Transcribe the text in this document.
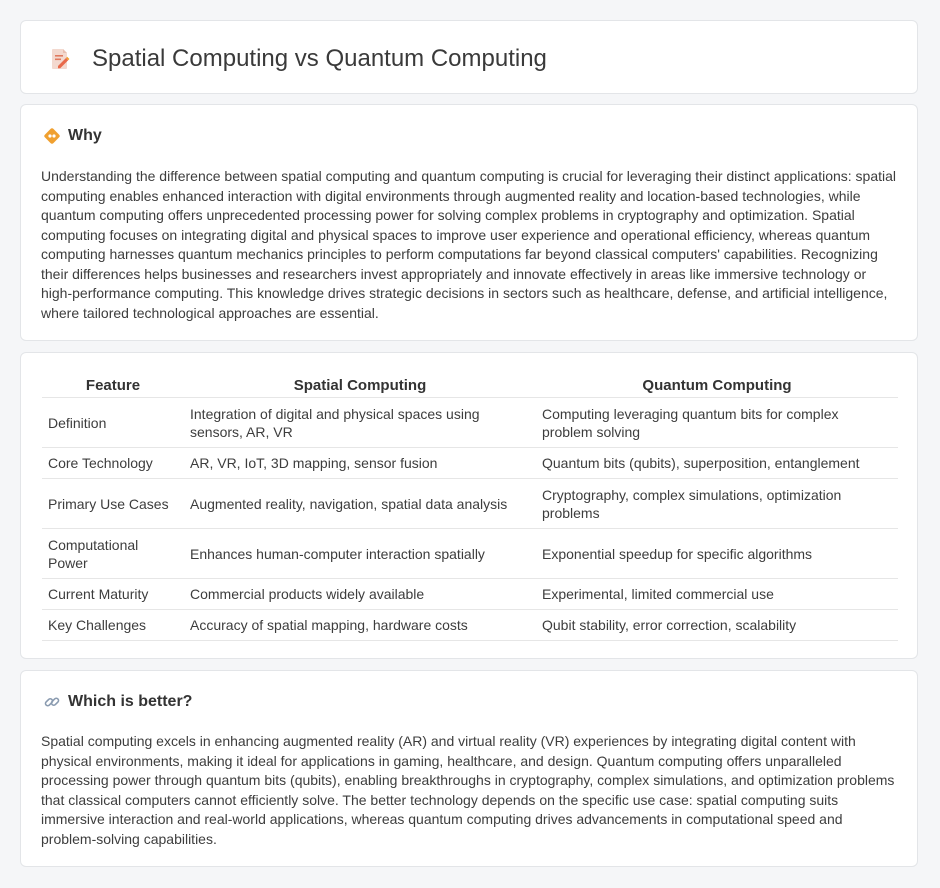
Spatial Computing vs Quantum Computing
Why

Understanding the difference between spatial computing and quantum computing is crucial for leveraging their distinct applications: spatial computing enables enhanced interaction with digital environments through augmented reality and location-based technologies, while quantum computing offers unprecedented processing power for solving complex problems in cryptography and optimization. Spatial computing focuses on integrating digital and physical spaces to improve user experience and operational efficiency, whereas quantum computing harnesses quantum mechanics principles to perform computations far beyond classical computers' capabilities. Recognizing their differences helps businesses and researchers invest appropriately and innovate effectively in areas like immersive technology or high-performance computing. This knowledge drives strategic decisions in sectors such as healthcare, defense, and artificial intelligence, where tailored technological approaches are essential.

Feature	Spatial Computing	Quantum Computing
Definition	Integration of digital and physical spaces using sensors, AR, VR	Computing leveraging quantum bits for complex problem solving
Core Technology	AR, VR, IoT, 3D mapping, sensor fusion	Quantum bits (qubits), superposition, entanglement
Primary Use Cases	Augmented reality, navigation, spatial data analysis	Cryptography, complex simulations, optimization problems
Computational Power	Enhances human-computer interaction spatially	Exponential speedup for specific algorithms
Current Maturity	Commercial products widely available	Experimental, limited commercial use
Key Challenges	Accuracy of spatial mapping, hardware costs	Qubit stability, error correction, scalability
Which is better?

Spatial computing excels in enhancing augmented reality (AR) and virtual reality (VR) experiences by integrating digital content with physical environments, making it ideal for applications in gaming, healthcare, and design. Quantum computing offers unparalleled processing power through quantum bits (qubits), enabling breakthroughs in cryptography, complex simulations, and optimization problems that classical computers cannot efficiently solve. The better technology depends on the specific use case: spatial computing suits immersive interaction and real-world applications, whereas quantum computing drives advancements in computational speed and problem-solving capabilities.
